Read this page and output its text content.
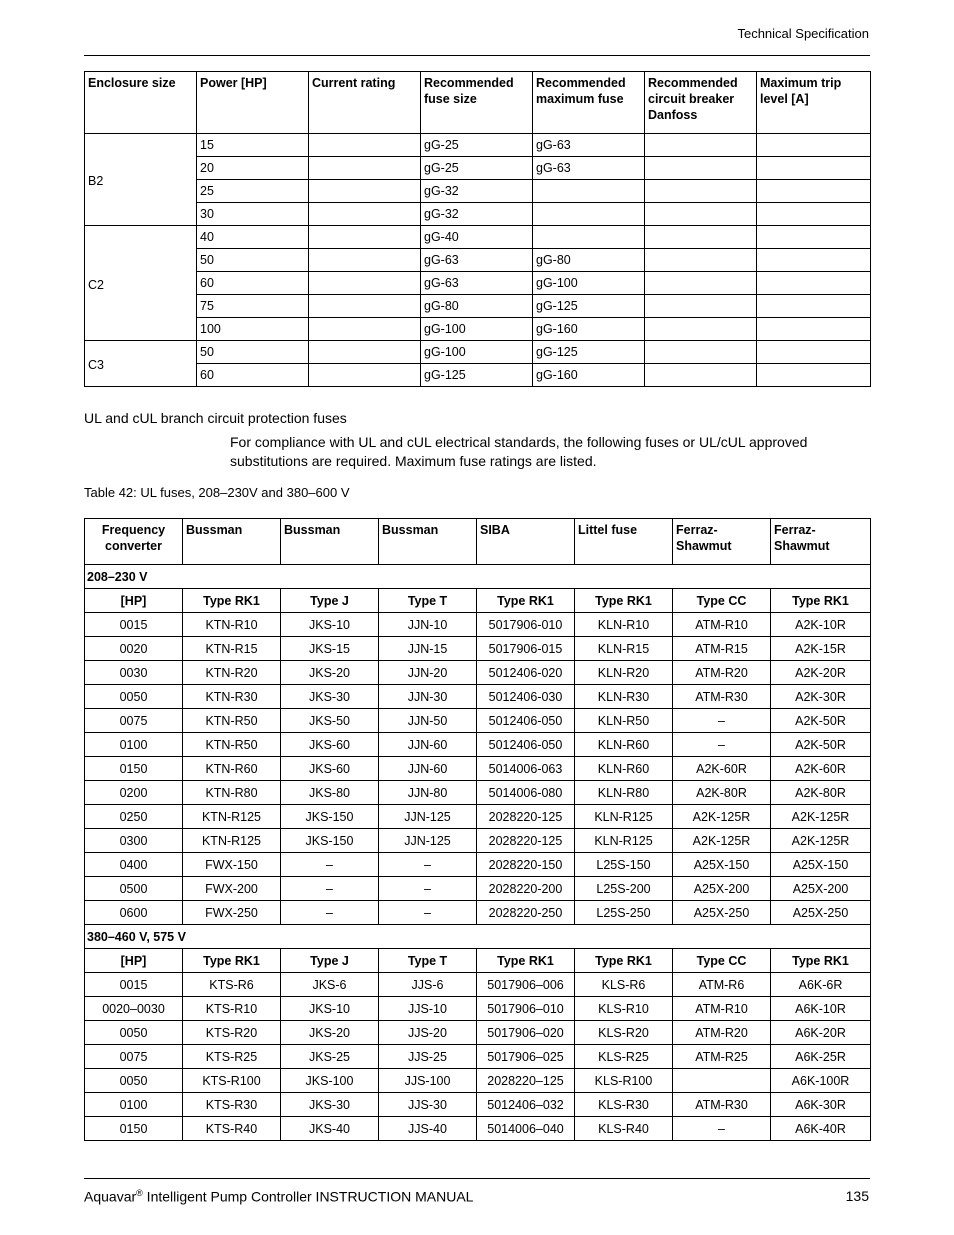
Technical Specification
Enclosure size	Power [HP]	Current rating	Recommended fuse size	Recommended maximum fuse	Recommended circuit breaker Danfoss	Maximum trip level [A]
B2	15		gG-25	gG-63		
	20		gG-25	gG-63		
	25		gG-32			
	30		gG-32			
C2	40		gG-40			
	50		gG-63	gG-80		
	60		gG-63	gG-100		
	75		gG-80	gG-125		
	100		gG-100	gG-160		
C3	50		gG-100	gG-125		
	60		gG-125	gG-160		
UL and cUL branch circuit protection fuses
For compliance with UL and cUL electrical standards, the following fuses or UL/cUL approved substitutions are required. Maximum fuse ratings are listed.
Table 42: UL fuses, 208–230V and 380–600 V
Frequency converter	Bussman	Bussman	Bussman	SIBA	Littel fuse	Ferraz-Shawmut	Ferraz-Shawmut
208–230 V							
[HP]	Type RK1	Type J	Type T	Type RK1	Type RK1	Type CC	Type RK1
0015	KTN-R10	JKS-10	JJN-10	5017906-010	KLN-R10	ATM-R10	A2K-10R
0020	KTN-R15	JKS-15	JJN-15	5017906-015	KLN-R15	ATM-R15	A2K-15R
0030	KTN-R20	JKS-20	JJN-20	5012406-020	KLN-R20	ATM-R20	A2K-20R
0050	KTN-R30	JKS-30	JJN-30	5012406-030	KLN-R30	ATM-R30	A2K-30R
0075	KTN-R50	JKS-50	JJN-50	5012406-050	KLN-R50	–	A2K-50R
0100	KTN-R50	JKS-60	JJN-60	5012406-050	KLN-R60	–	A2K-50R
0150	KTN-R60	JKS-60	JJN-60	5014006-063	KLN-R60	A2K-60R	A2K-60R
0200	KTN-R80	JKS-80	JJN-80	5014006-080	KLN-R80	A2K-80R	A2K-80R
0250	KTN-R125	JKS-150	JJN-125	2028220-125	KLN-R125	A2K-125R	A2K-125R
0300	KTN-R125	JKS-150	JJN-125	2028220-125	KLN-R125	A2K-125R	A2K-125R
0400	FWX-150	–	–	2028220-150	L25S-150	A25X-150	A25X-150
0500	FWX-200	–	–	2028220-200	L25S-200	A25X-200	A25X-200
0600	FWX-250	–	–	2028220-250	L25S-250	A25X-250	A25X-250
380–460 V, 575 V							
[HP]	Type RK1	Type J	Type T	Type RK1	Type RK1	Type CC	Type RK1
0015	KTS-R6	JKS-6	JJS-6	5017906–006	KLS-R6	ATM-R6	A6K-6R
0020–0030	KTS-R10	JKS-10	JJS-10	5017906–010	KLS-R10	ATM-R10	A6K-10R
0050	KTS-R20	JKS-20	JJS-20	5017906–020	KLS-R20	ATM-R20	A6K-20R
0075	KTS-R25	JKS-25	JJS-25	5017906–025	KLS-R25	ATM-R25	A6K-25R
0050	KTS-R100	JKS-100	JJS-100	2028220–125	KLS-R100		A6K-100R
0100	KTS-R30	JKS-30	JJS-30	5012406–032	KLS-R30	ATM-R30	A6K-30R
0150	KTS-R40	JKS-40	JJS-40	5014006–040	KLS-R40	–	A6K-40R
Aquavar® Intelligent Pump Controller INSTRUCTION MANUAL	135
